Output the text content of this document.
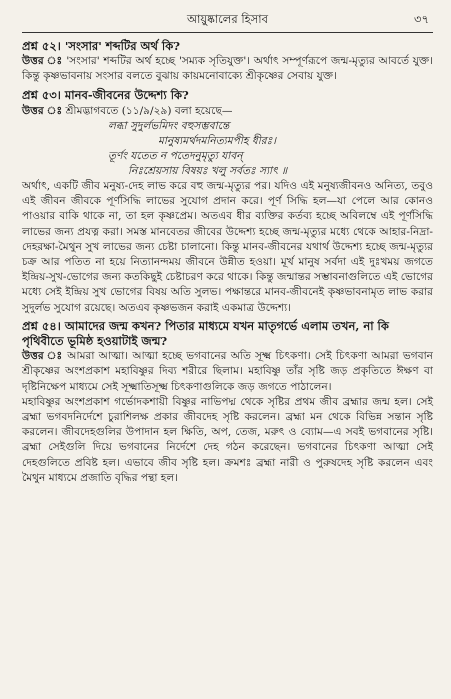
আয়ুষ্কালের হিসাব	৩৭

প্রশ্ন ৫২। 'সংসার' শব্দটির অর্থ কি?

উত্তর ঃ 'সংসার' শব্দটির অর্থ হচ্ছে 'সম্যক সৃতিযুক্ত'। অর্থাৎ সম্পূর্ণরূপে জন্ম-মৃত্যুর আবর্তে যুক্ত। কিন্তু কৃষ্ণভাবনায় সংসার বলতে বুঝায় কায়মনোবাক্যে শ্রীকৃষ্ণের সেবায় যুক্ত।

প্রশ্ন ৫৩। মানব-জীবনের উদ্দেশ্য কি?

উত্তর ঃ শ্রীমদ্ভাগবতে (১১/৯/২৯) বলা হয়েছে—

লব্ধা সুদুর্লভমিদং বহুসম্ভবান্তে

মানুষ্যমর্থদমনিত্যমপীহ ধীরঃ।

তূর্ণং যতেত ন পতেদনুমৃত্যু যাবন্

নিঃশ্রেয়সায় বিষয়ঃ খলু সর্বতঃ স্যাৎ ॥

অর্থাৎ, একটি জীব মনুষ্য-দেহ লাভ করে বহু জন্ম-মৃত্যুর পর। যদিও এই মনুষ্যজীবনও অনিত্য, তবুও এই জীবন জীবকে পূর্ণসিদ্ধি লাভের সুযোগ প্রদান করে। পূর্ণ সিদ্ধি হল—যা পেলে আর কোনও পাওয়ার বাকি থাকে না, তা হল কৃষ্ণপ্রেম। অতএব ধীর ব্যক্তির কর্তব্য হচ্ছে অবিলম্বে এই পূর্ণসিদ্ধি লাভের জন্য প্রযত্ন করা। সমস্ত মানবেতর জীবের উদ্দেশ্য হচ্ছে জন্ম-মৃত্যুর মধ্যে থেকে আহার-নিদ্রা-দেহরক্ষা-মৈথুন সুখ লাভের জন্য চেষ্টা চালানো। কিন্তু মানব-জীবনের যথার্থ উদ্দেশ্য হচ্ছে জন্ম-মৃত্যুর চক্র আর পতিত না হয়ে নিত্যানন্দময় জীবনে উন্নীত হওয়া। মূর্খ মানুষ সর্বদা এই দুঃখময় জগতে ইন্দ্রিয়-সুখ-ভোগের জন্য কতকিছুই চেষ্টাচরণ করে থাকে। কিন্তু জন্মান্তর সম্ভাবনাগুলিতে এই ভোগের মধ্যে সেই ইন্দ্রিয় সুখ ভোগের বিষয় অতি সুলভ। পক্ষান্তরে মানব-জীবনেই কৃষ্ণভাবনামৃত লাভ করার সুদুর্লভ সুযোগ রয়েছে। অতএব কৃষ্ণভজন করাই একমাত্র উদ্দেশ্য।

প্রশ্ন ৫৪। আমাদের জন্ম কখন? পিতার মাধ্যমে যখন মাতৃগর্ভে এলাম তখন, না কি পৃথিবীতে ভূমিষ্ঠ হওয়াটাই জন্ম?

উত্তর ঃ আমরা আত্মা। আত্মা হচ্ছে ভগবানের অতি সূক্ষ্ম চিৎকণা। সেই চিৎকণা আমরা ভগবান শ্রীকৃষ্ণের অংশপ্রকাশ মহাবিষ্ণুর দিব্য শরীরে ছিলাম। মহাবিষ্ণু তাঁর সৃষ্টি জড় প্রকৃতিতে ঈক্ষণ বা দৃষ্টিনিক্ষেপ মাধ্যমে সেই সূক্ষ্মাতিসূক্ষ্ম চিৎকণাগুলিকে জড় জগতে পাঠালেন।

মহাবিষ্ণুর অংশপ্রকাশ গর্ভোদকশায়ী বিষ্ণুর নাভিপদ্ম থেকে সৃষ্টির প্রথম জীব ব্রহ্মার জন্ম হল। সেই ব্রহ্মা ভগবদনির্দেশে চুরাশিলক্ষ প্রকার জীবদেহ সৃষ্টি করলেন। ব্রহ্মা মন থেকে বিভিন্ন সন্তান সৃষ্টি করলেন। জীবদেহগুলির উপাদান হল ক্ষিতি, অপ, তেজ, মরুৎ ও ব্যোম—এ সবই ভগবানের সৃষ্টি। ব্রহ্মা সেইগুলি দিয়ে ভগবানের নির্দেশে দেহ গঠন করেছেন। ভগবানের চিৎকণা আত্মা সেই দেহগুলিতে প্রবিষ্ট হল। এভাবে জীব সৃষ্টি হল। ক্রমশঃ ব্রহ্মা নারী ও পুরুষদেহ সৃষ্টি করলেন এবং মৈথুন মাধ্যমে প্রজাতি বৃদ্ধির পন্থা হল।
